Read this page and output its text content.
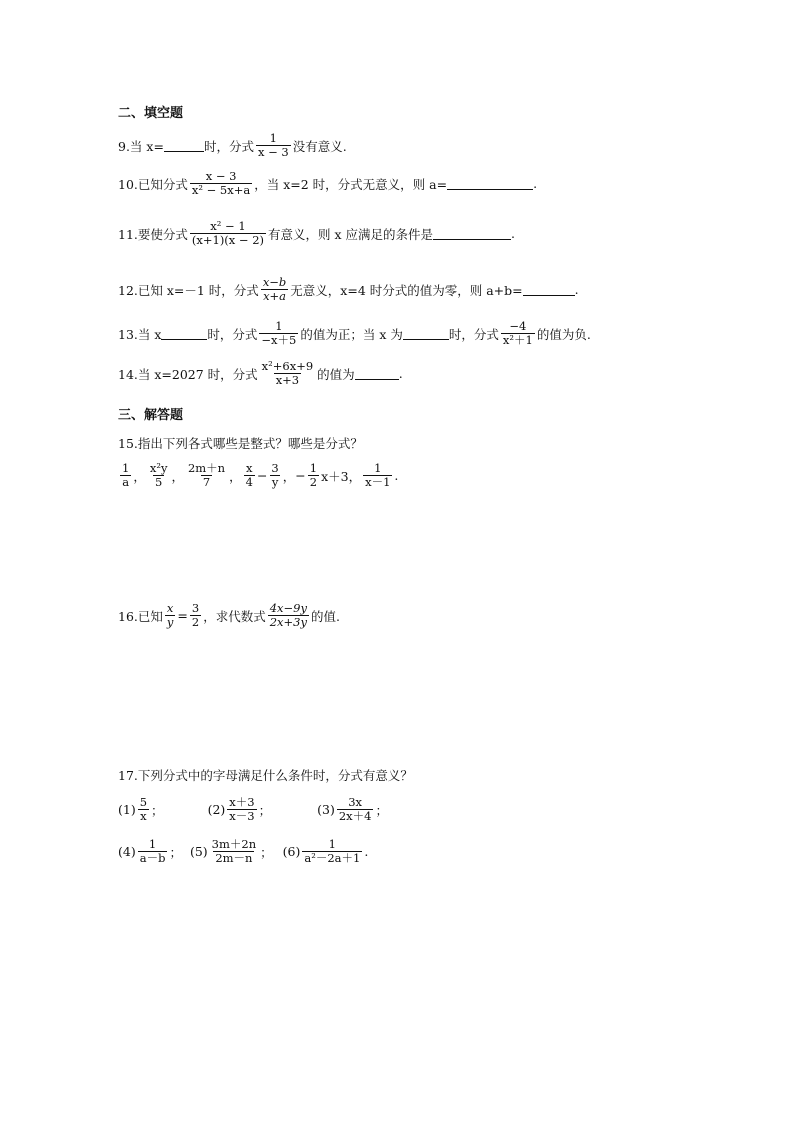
二、填空题
9.当 x=	时，分式 $\frac{1}{x - 3}$ 没有意义.
10.已知分式 $\frac{x - 3}{\text{x² − 5x+a}}$ ，当 x=2 时，分式无意义，则 a=	.
11.要使分式 $\frac{\text{x² − 1}}{(x+1)(x - 2)}$ 有意义，则 x 应满足的条件是	.
12.已知 x=－1 时，分式 $\frac{x-b}{x+a}$ 无意义，x=4 时分式的值为零，则 a+b=	.
13.当 x	时，分式 $\frac{1}{-x+5}$ 的值为正；当 x 为	时，分式 $\frac{-4}{\text{x²＋1}}$ 的值为负.
14.当 x=2027 时，分式 $\frac{\text{x²+6x+9}}{x+3}$ 的值为	.
三、解答题
15.指出下列各式哪些是整式？哪些是分式？
$\frac{1}{a}$ ， $\frac{\text{x²y}}{5}$ ， $\frac{2m+n}{7}$ ， $\frac{x}{4} - \frac{3}{y}$ ， − $\frac{1}{2} x+3$， $\frac{1}{x-1}$ .
16.已知 $\frac{x}{y} = \frac{3}{2}$ ，求代数式 $\frac{4x-9y}{2x+3y}$ 的值.
17.下列分式中的字母满足什么条件时，分式有意义？
$(1) \frac{5}{x}$ ；	$(2) \frac{x+3}{x-3}$ ；	$(3) \frac{3x}{2x+4}$ ；
$(4) \frac{1}{a-b}$ ； $(5) \frac{3m+2n}{2m-n}$ ； $(6) \frac{1}{\text{a²－2a＋1}}$ .
